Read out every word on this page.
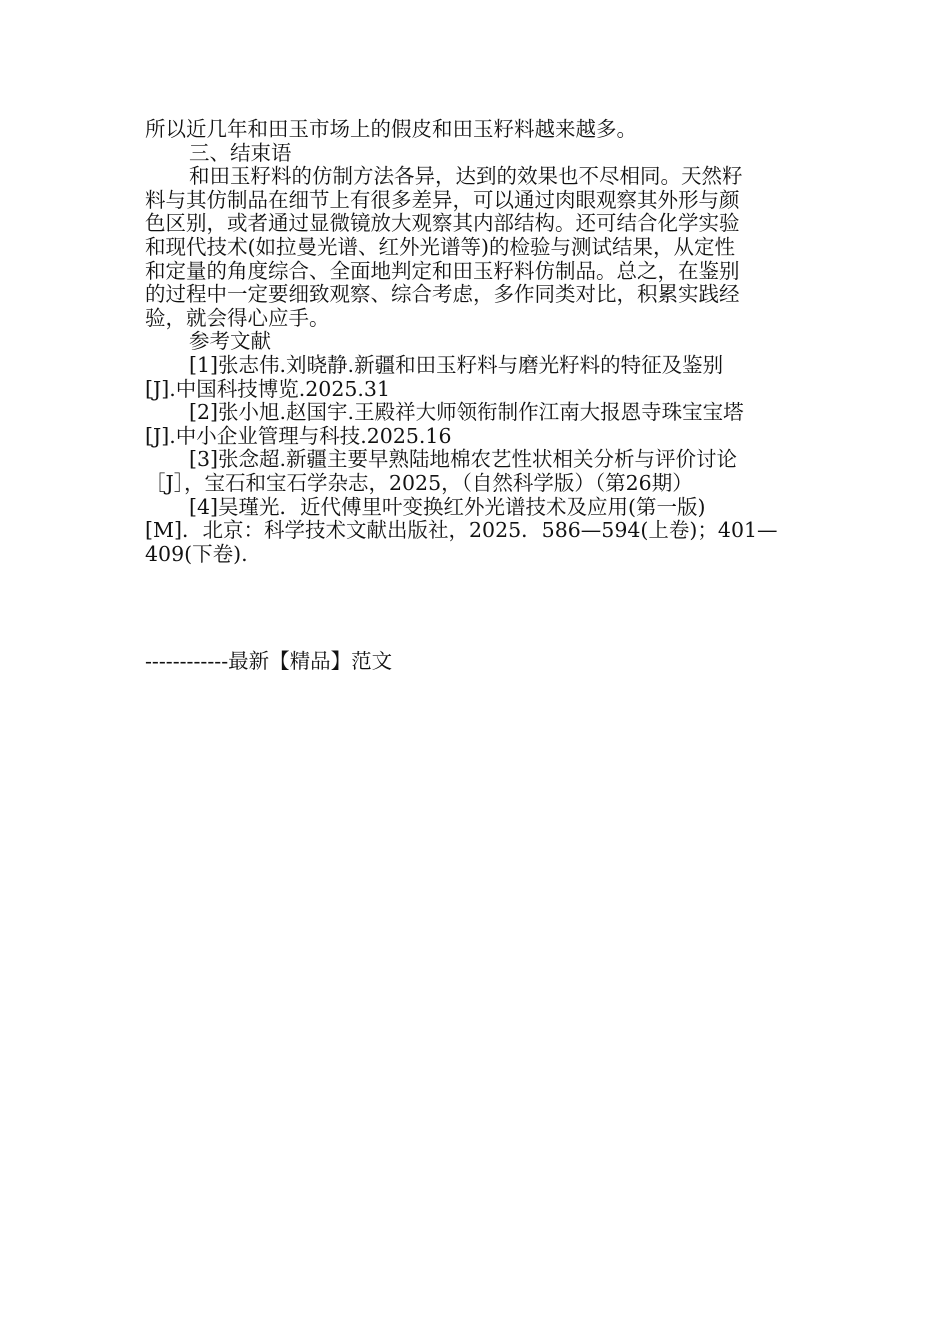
所以近几年和田玉市场上的假皮和田玉籽料越来越多。

三、结束语

和田玉籽料的仿制方法各异，达到的效果也不尽相同。天然籽

料与其仿制品在细节上有很多差异，可以通过肉眼观察其外形与颜

色区别，或者通过显微镜放大观察其内部结构。还可结合化学实验

和现代技术(如拉曼光谱、红外光谱等)的检验与测试结果，从定性

和定量的角度综合、全面地判定和田玉籽料仿制品。总之，在鉴别

的过程中一定要细致观察、综合考虑，多作同类对比，积累实践经

验，就会得心应手。

参考文献

[1]张志伟.刘晓静.新疆和田玉籽料与磨光籽料的特征及鉴别

[J].中国科技博览.2025.31

[2]张小旭.赵国宇.王殿祥大师领衔制作江南大报恩寺珠宝宝塔

[J].中小企业管理与科技.2025.16

[3]张念超.新疆主要早熟陆地棉农艺性状相关分析与评价讨论

［J］，宝石和宝石学杂志，2025，（自然科学版）（第26期）

[4]吴瑾光．近代傅里叶变换红外光谱技术及应用(第一版)

[M]．北京：科学技术文献出版社，2025．586—594(上卷)；401—

409(下卷).

------------最新【精品】范文
